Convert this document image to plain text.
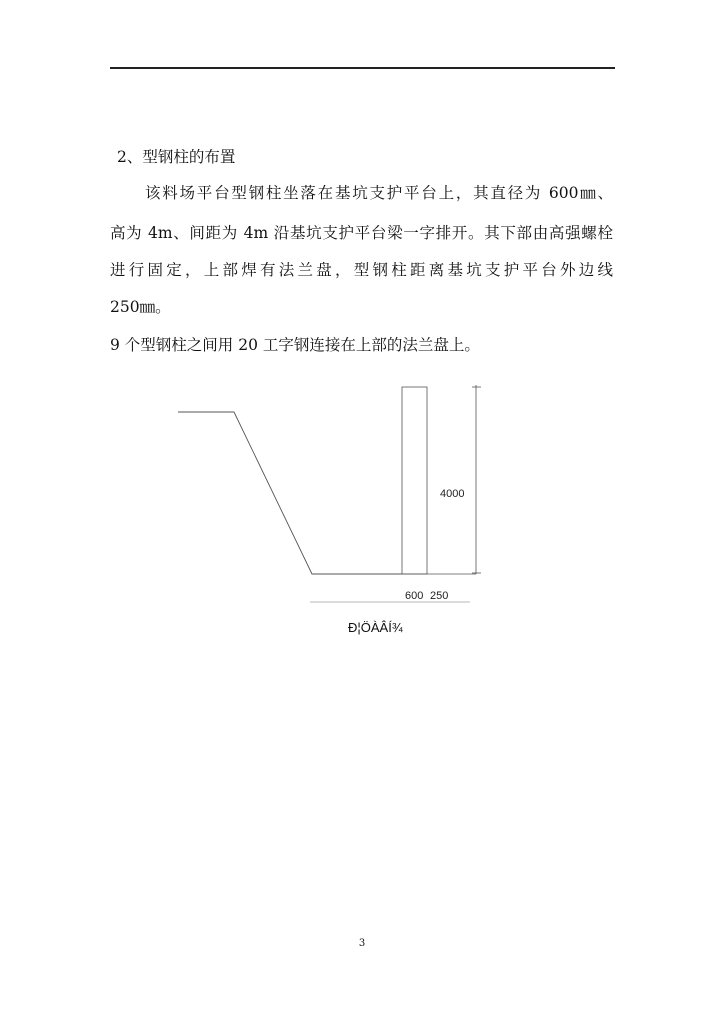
2、型钢柱的布置
该料场平台型钢柱坐落在基坑支护平台上，其直径为 600㎜、
高为 4m、间距为 4m 沿基坑支护平台梁一字排开。其下部由高强螺栓
进行固定，上部焊有法兰盘，型钢柱距离基坑支护平台外边线
250㎜。
9 个型钢柱之间用 20 工字钢连接在上部的法兰盘上。
4000
600 250
Ð¦ÖÀÂÍ¾
3
